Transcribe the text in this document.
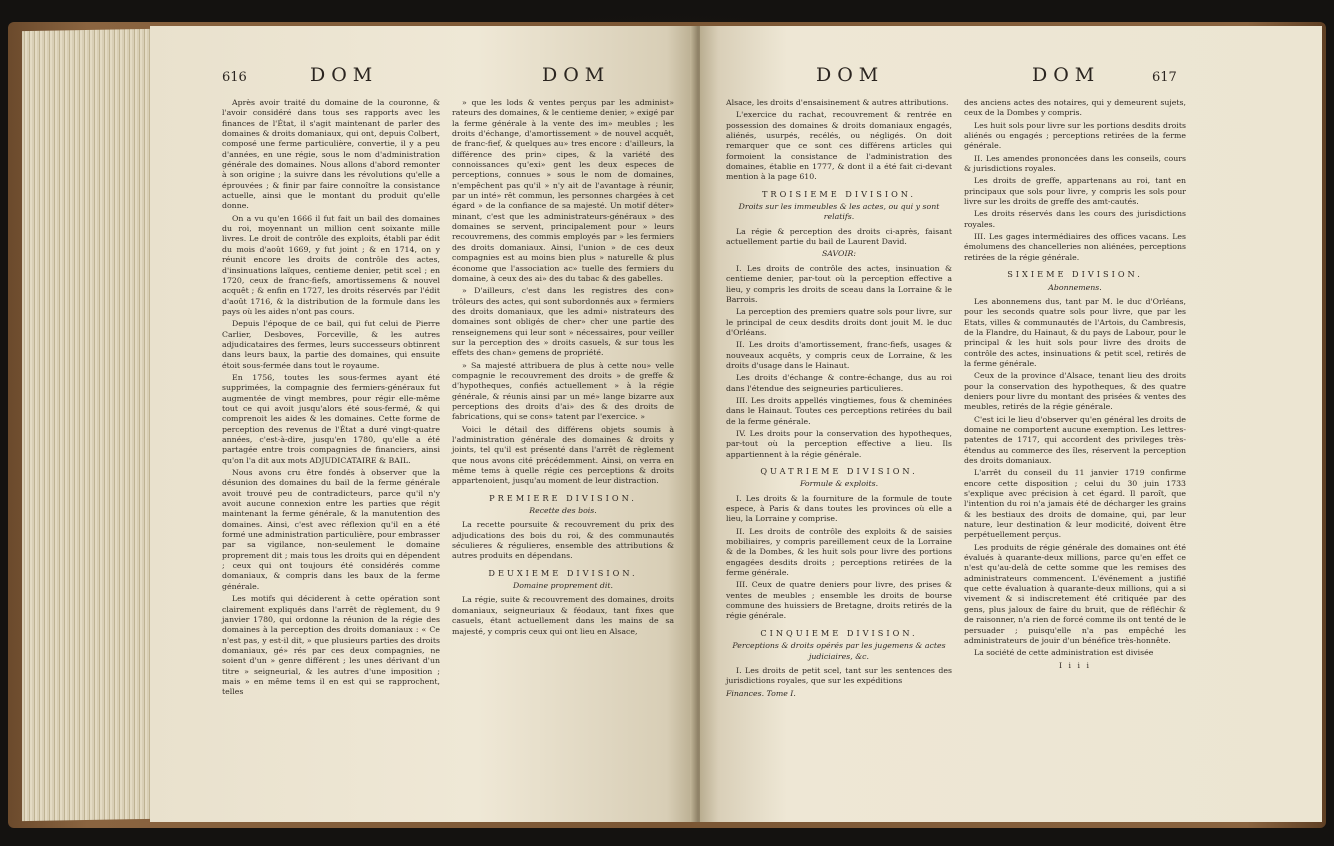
616	DOM	DOM

Après avoir traité du domaine de la couronne, & l'avoir considéré dans tous ses rapports avec les finances de l'État, il s'agit maintenant de parler des domaines & droits domaniaux, qui ont, depuis Colbert, composé une ferme particulière, convertie, il y a peu d'années, en une régie, sous le nom d'administration générale des domaines. Nous allons d'abord remonter à son origine ; la suivre dans les révolutions qu'elle a éprouvées ; & finir par faire connoître la consistance actuelle, ainsi que le montant du produit qu'elle donne.

On a vu qu'en 1666 il fut fait un bail des domaines du roi, moyennant un million cent soixante mille livres. Le droit de contrôle des exploits, établi par édit du mois d'août 1669, y fut joint ; & en 1714, on y réunit encore les droits de contrôle des actes, d'insinuations laïques, centieme denier, petit scel ; en 1720, ceux de franc-fiefs, amortissemens & nouvel acquêt ; & enfin en 1727, les droits réservés par l'édit d'août 1716, & la distribution de la formule dans les pays où les aides n'ont pas cours.

Depuis l'époque de ce bail, qui fut celui de Pierre Carlier, Desboves, Forceville, & les autres adjudicataires des fermes, leurs successeurs obtinrent dans leurs baux, la partie des domaines, qui ensuite étoit sous-fermée dans tout le royaume.

En 1756, toutes les sous-fermes ayant été supprimées, la compagnie des fermiers-généraux fut augmentée de vingt membres, pour régir elle-même tout ce qui avoit jusqu'alors été sous-fermé, & qui comprenoit les aides & les domaines. Cette forme de perception des revenus de l'État a duré vingt-quatre années, c'est-à-dire, jusqu'en 1780, qu'elle a été partagée entre trois compagnies de financiers, ainsi qu'on l'a dit aux mots ADJUDICATAIRE & BAIL.

Nous avons cru être fondés à observer que la désunion des domaines du bail de la ferme générale avoit trouvé peu de contradicteurs, parce qu'il n'y avoit aucune connexion entre les parties que régit maintenant la ferme générale, & la manutention des domaines. Ainsi, c'est avec réflexion qu'il en a été formé une administration particulière, pour embrasser par sa vigilance, non-seulement le domaine proprement dit ; mais tous les droits qui en dépendent ; ceux qui ont toujours été considérés comme domaniaux, & compris dans les baux de la ferme générale.

Les motifs qui déciderent à cette opération sont clairement expliqués dans l'arrêt de règlement, du 9 janvier 1780, qui ordonne la réunion de la régie des domaines à la perception des droits domaniaux : « Ce n'est pas, y est-il dit, » que plusieurs parties des droits domaniaux, gé» rés par ces deux compagnies, ne soient d'un » genre différent ; les unes dérivant d'un titre » seigneurial, & les autres d'une imposition ; mais » en même tems il en est qui se rapprochent, telles

» que les lods & ventes perçus par les administ» rateurs des domaines, & le centieme denier, » exigé par la ferme générale à la vente des im» meubles ; les droits d'échange, d'amortissement » de nouvel acquêt, de franc-fief, & quelques au» tres encore : d'ailleurs, la différence des prin» cipes, & la variété des connoissances qu'exi» gent les deux especes de perceptions, connues » sous le nom de domaines, n'empêchent pas qu'il » n'y ait de l'avantage à réunir, par un inté» rêt commun, les personnes chargées à cet égard » de la confiance de sa majesté. Un motif déter» minant, c'est que les administrateurs-généraux » des domaines se servent, principalement pour » leurs recouvremens, des commis employés par » les fermiers des droits domaniaux. Ainsi, l'union » de ces deux compagnies est au moins bien plus » naturelle & plus économe que l'association ac» tuelle des fermiers du domaine, à ceux des ai» des du tabac & des gabelles.

» D'ailleurs, c'est dans les registres des con» trôleurs des actes, qui sont subordonnés aux » fermiers des droits domaniaux, que les admi» nistrateurs des domaines sont obligés de cher» cher une partie des renseignemens qui leur sont » nécessaires, pour veiller sur la perception des » droits casuels, & sur tous les effets des chan» gemens de propriété.

» Sa majesté attribuera de plus à cette nou» velle compagnie le recouvrement des droits » de greffe & d'hypotheques, confiés actuellement » à la régie générale, & réunis ainsi par un mé» lange bizarre aux perceptions des droits d'ai» des & des droits de fabrications, qui se cons» tatent par l'exercice. »

Voici le détail des différens objets soumis à l'administration générale des domaines & droits y joints, tel qu'il est présenté dans l'arrêt de règlement que nous avons cité précédemment. Ainsi, on verra en même tems à quelle régie ces perceptions & droits appartenoient, jusqu'au moment de leur distraction.

PREMIERE DIVISION.

Recette des bois.

La recette poursuite & recouvrement du prix des adjudications des bois du roi, & des communautés séculieres & régulieres, ensemble des attributions & autres produits en dépendans.

DEUXIEME DIVISION.

Domaine proprement dit.

La régie, suite & recouvrement des domaines, droits domaniaux, seigneuriaux & féodaux, tant fixes que casuels, étant actuellement dans les mains de sa majesté, y compris ceux qui ont lieu en Alsace,

DOM	DOM	617

Alsace, les droits d'ensaisinement & autres attributions.

L'exercice du rachat, recouvrement & rentrée en possession des domaines & droits domaniaux engagés, aliénés, usurpés, recélés, ou négligés. On doit remarquer que ce sont ces différens articles qui formoient la consistance de l'administration des domaines, établie en 1777, & dont il a été fait ci-devant mention à la page 610.

TROISIEME DIVISION.

Droits sur les immeubles & les actes, ou qui y sont relatifs.

La régie & perception des droits ci-après, faisant actuellement partie du bail de Laurent David.

SAVOIR:

I. Les droits de contrôle des actes, insinuation & centieme denier, par-tout où la perception effective a lieu, y compris les droits de sceau dans la Lorraine & le Barrois.

La perception des premiers quatre sols pour livre, sur le principal de ceux desdits droits dont jouit M. le duc d'Orléans.

II. Les droits d'amortissement, franc-fiefs, usages & nouveaux acquêts, y compris ceux de Lorraine, & les droits d'usage dans le Hainaut.

Les droits d'échange & contre-échange, dus au roi dans l'étendue des seigneuries particulieres.

III. Les droits appellés vingtiemes, fous & cheminées dans le Hainaut. Toutes ces perceptions retirées du bail de la ferme générale.

IV. Les droits pour la conservation des hypotheques, par-tout où la perception effective a lieu. Ils appartiennent à la régie générale.

QUATRIEME DIVISION.

Formule & exploits.

I. Les droits & la fourniture de la formule de toute espece, à Paris & dans toutes les provinces où elle a lieu, la Lorraine y comprise.

II. Les droits de contrôle des exploits & de saisies mobiliaires, y compris pareillement ceux de la Lorraine & de la Dombes, & les huit sols pour livre des portions engagées desdits droits ; perceptions retirées de la ferme générale.

III. Ceux de quatre deniers pour livre, des prises & ventes de meubles ; ensemble les droits de bourse commune des huissiers de Bretagne, droits retirés de la régie générale.

CINQUIEME DIVISION.

Perceptions & droits opérés par les jugemens & actes judiciaires, &c.

I. Les droits de petit scel, tant sur les sentences des jurisdictions royales, que sur les expéditions

Finances. Tome I.

des anciens actes des notaires, qui y demeurent sujets, ceux de la Dombes y compris.

Les huit sols pour livre sur les portions desdits droits aliénés ou engagés ; perceptions retirées de la ferme générale.

II. Les amendes prononcées dans les conseils, cours & jurisdictions royales.

Les droits de greffe, appartenans au roi, tant en principaux que sols pour livre, y compris les sols pour livre sur les droits de greffe des amt-cautés.

Les droits réservés dans les cours des jurisdictions royales.

III. Les gages intermédiaires des offices vacans. Les émolumens des chancelleries non aliénées, perceptions retirées de la régie générale.

SIXIEME DIVISION.

Abonnemens.

Les abonnemens dus, tant par M. le duc d'Orléans, pour les seconds quatre sols pour livre, que par les Etats, villes & communautés de l'Artois, du Cambresis, de la Flandre, du Hainaut, & du pays de Labour, pour le principal & les huit sols pour livre des droits de contrôle des actes, insinuations & petit scel, retirés de la ferme générale.

Ceux de la province d'Alsace, tenant lieu des droits pour la conservation des hypotheques, & des quatre deniers pour livre du montant des prisées & ventes des meubles, retirés de la régie générale.

C'est ici le lieu d'observer qu'en général les droits de domaine ne comportent aucune exemption. Les lettres-patentes de 1717, qui accordent des privileges très-étendus au commerce des îles, réservent la perception des droits domaniaux.

L'arrêt du conseil du 11 janvier 1719 confirme encore cette disposition ; celui du 30 juin 1733 s'explique avec précision à cet égard. Il paroît, que l'intention du roi n'a jamais été de décharger les grains & les bestiaux des droits de domaine, qui, par leur nature, leur destination & leur modicité, doivent être perpétuellement perçus.

Les produits de régie générale des domaines ont été évalués à quarante-deux millions, parce qu'en effet ce n'est qu'au-delà de cette somme que les remises des administrateurs commencent. L'événement a justifié que cette évaluation à quarante-deux millions, qui a si vivement & si indiscretement été critiquée par des gens, plus jaloux de faire du bruit, que de réfléchir & de raisonner, n'a rien de forcé comme ils ont tenté de le persuader ; puisqu'elle n'a pas empêché les administrateurs de jouir d'un bénéfice très-honnête.

La société de cette administration est divisée

I i i i
